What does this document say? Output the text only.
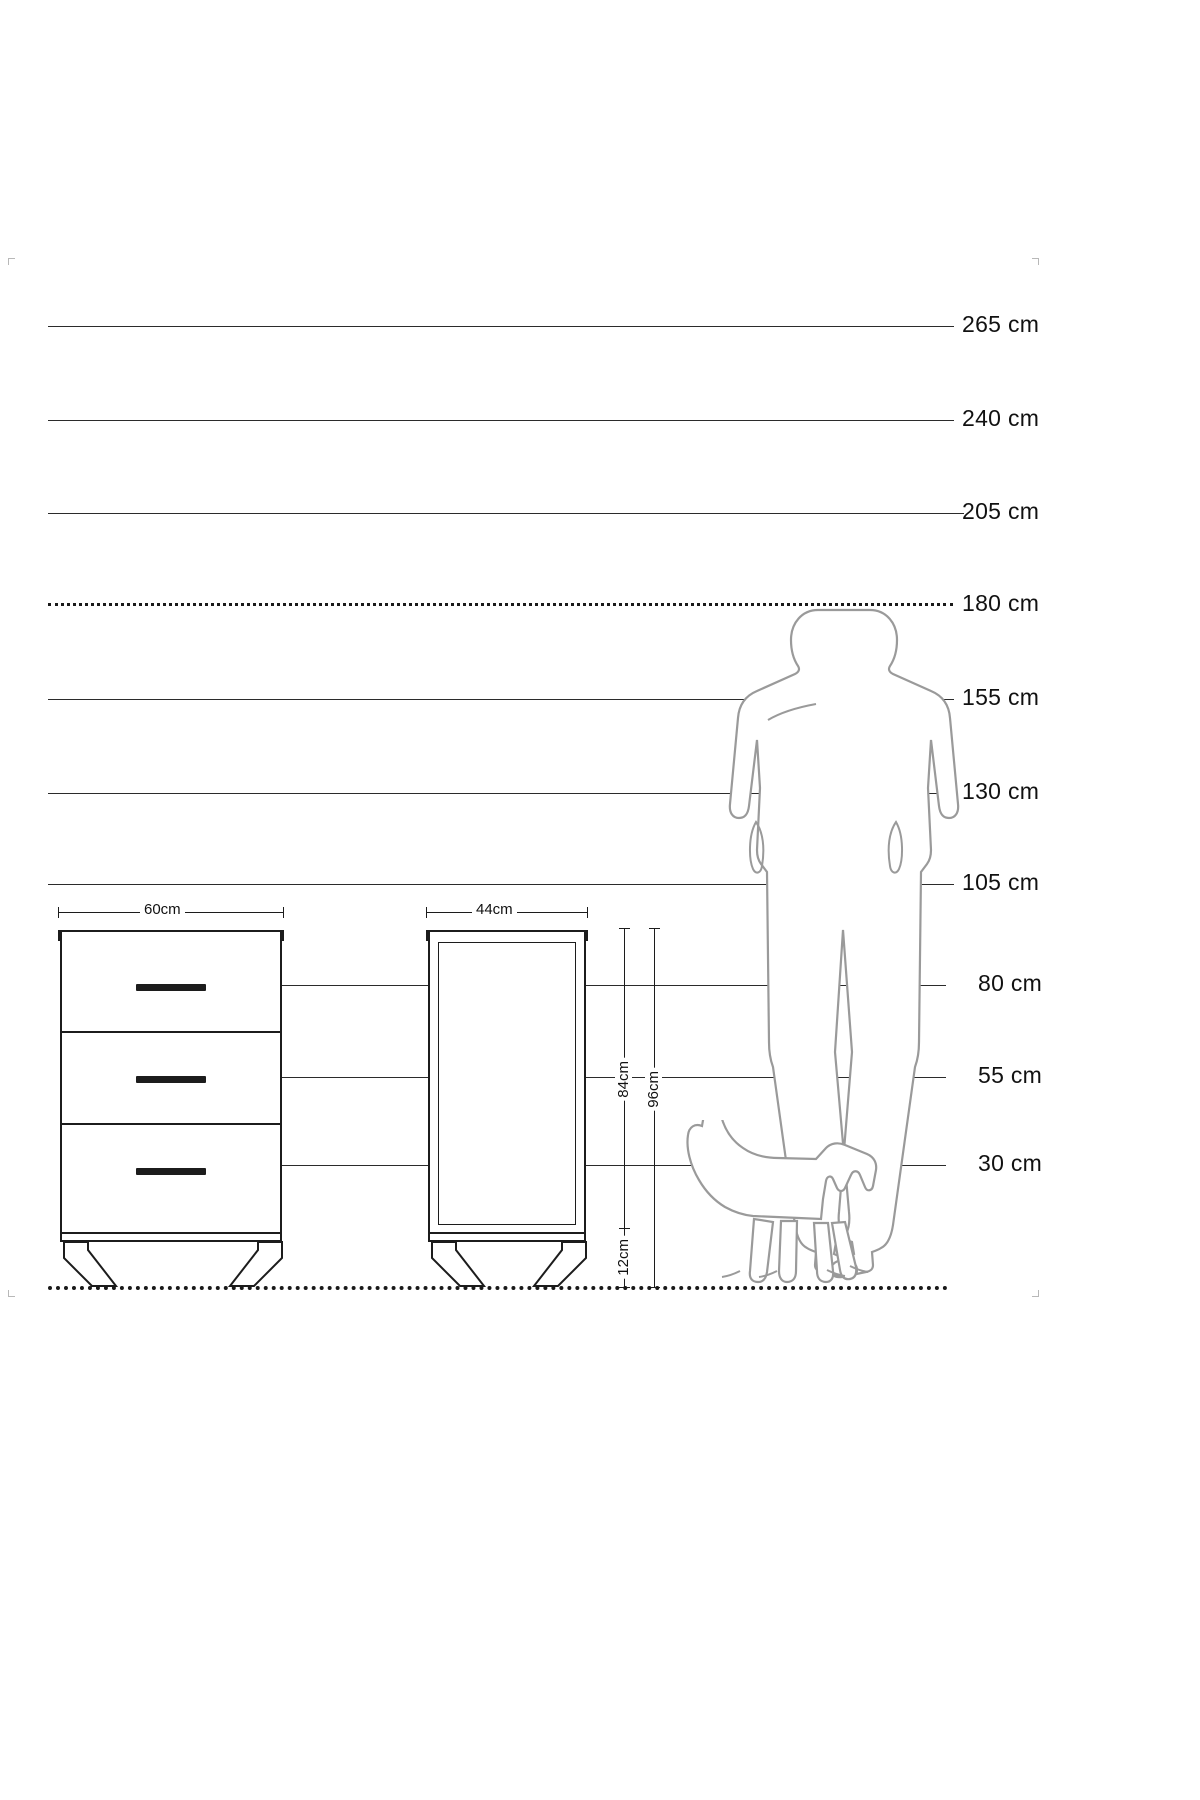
265 cm
240 cm
205 cm
180 cm
155 cm
130 cm
105 cm
80 cm
55 cm
30 cm
60cm	44cm
84cm 96cm
12cm
